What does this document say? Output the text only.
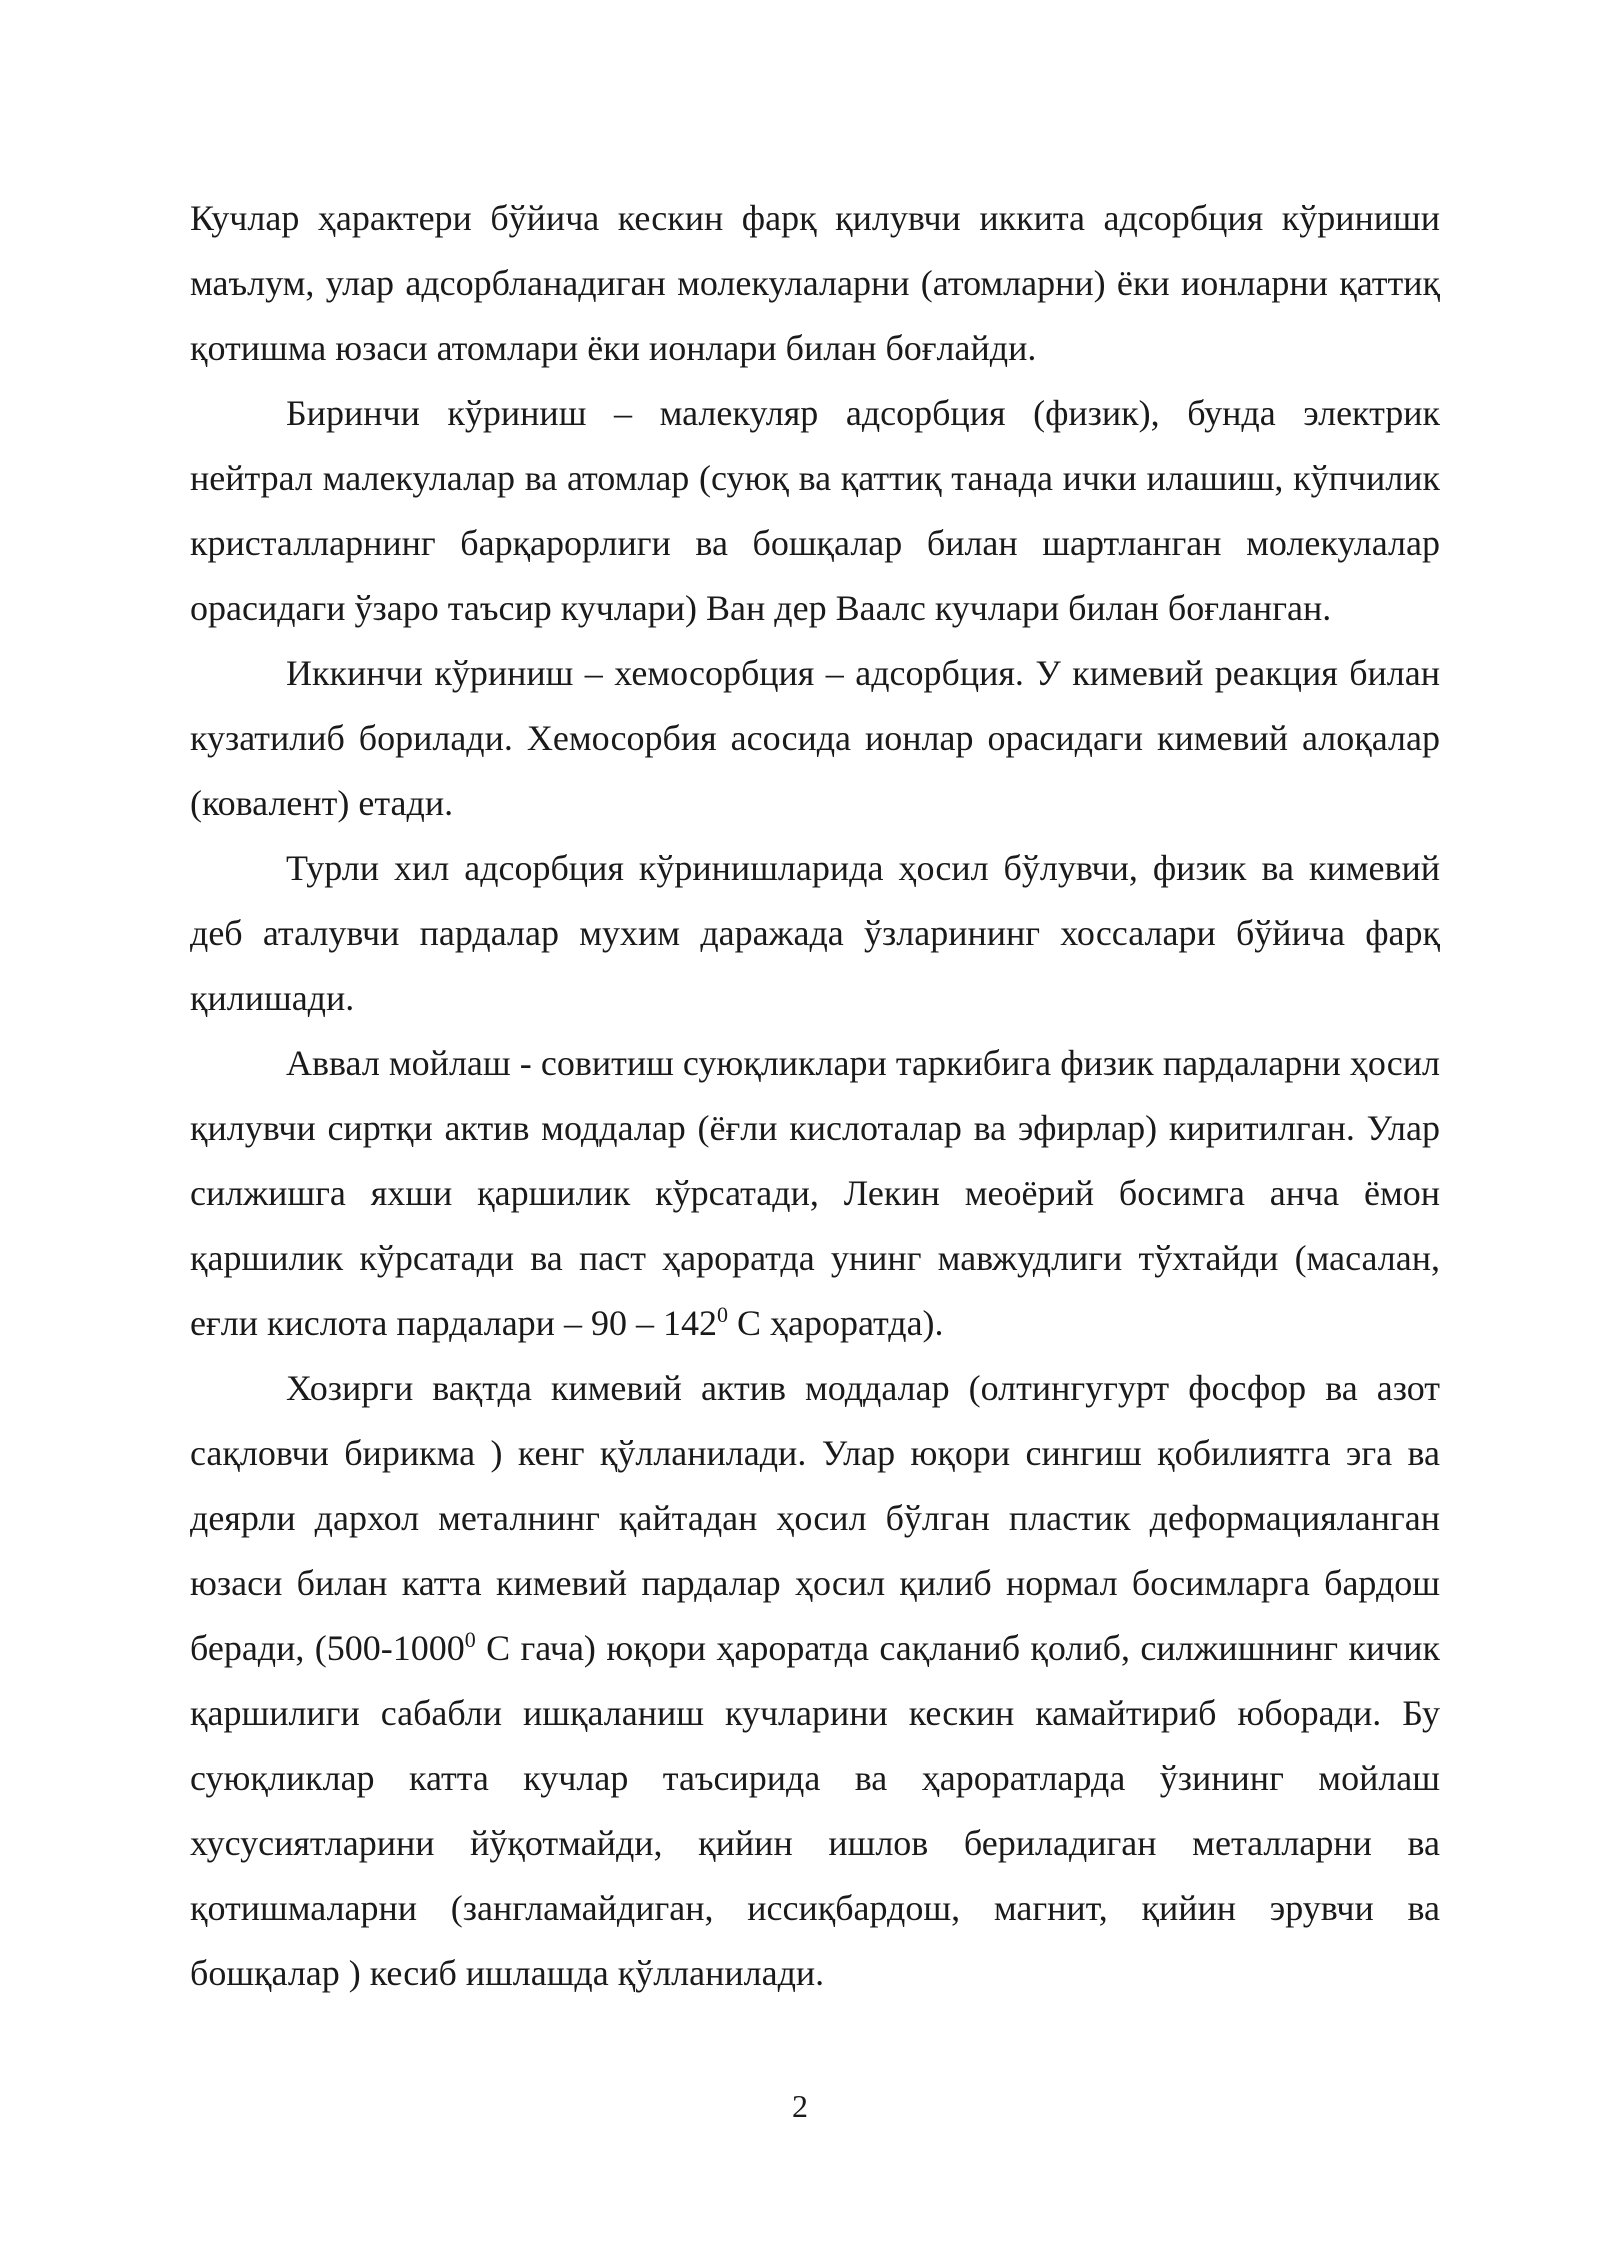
Кучлар ҳарактери бўйича кескин фарқ қилувчи иккита адсорбция кўриниши маълум, улар адсорбланадиган молекулаларни (атомларни) ёки ионларни қаттиқ қотишма юзаси атомлари ёки ионлари билан боғлайди.

Биринчи кўриниш – малекуляр адсорбция (физик), бунда электрик нейтрал малекулалар ва атомлар (суюқ ва қаттиқ танада ички илашиш, кўпчилик кристалларнинг барқарорлиги ва бошқалар билан шартланган молекулалар орасидаги ўзаро таъсир кучлари) Ван дер Ваалс кучлари билан боғланган.

Иккинчи кўриниш – хемосорбция – адсорбция. У кимевий реакция билан кузатилиб борилади. Хемосорбия асосида ионлар орасидаги кимевий алоқалар (ковалент) етади.

Турли хил адсорбция кўринишларида ҳосил бўлувчи, физик ва кимевий деб аталувчи пардалар мухим даражада ўзларининг хоссалари бўйича фарқ қилишади.

Аввал мойлаш - совитиш суюқликлари таркибига физик пардаларни ҳосил қилувчи сиртқи актив моддалар (ёғли кислоталар ва эфирлар) киритилган. Улар силжишга яхши қаршилик кўрсатади, Лекин меоёрий босимга анча ёмон қаршилик кўрсатади ва паст ҳароратда унинг мавжудлиги тўхтайди (масалан, еғли кислота пардалари – $90 - 142^0$ С ҳароратда).

Хозирги вақтда кимевий актив моддалар (олтингугурт фосфор ва азот сақловчи бирикма ) кенг қўлланилади. Улар юқори сингиш қобилиятга эга ва деярли дархол металнинг қайтадан ҳосил бўлган пластик деформацияланган юзаси билан катта кимевий пардалар ҳосил қилиб нормал босимларга бардош беради, (500-1000$^0$ С гача) юқори ҳароратда сақланиб қолиб, силжишнинг кичик қаршилиги сабабли ишқаланиш кучларини кескин камайтириб юборади. Бу суюқликлар катта кучлар таъсирида ва ҳароратларда ўзининг мойлаш хусусиятларини йўқотмайди, қийин ишлов бериладиган металларни ва қотишмаларни (зангламайдиган, иссиқбардош, магнит, қийин эрувчи ва бошқалар ) кесиб ишлашда қўлланилади.

2
